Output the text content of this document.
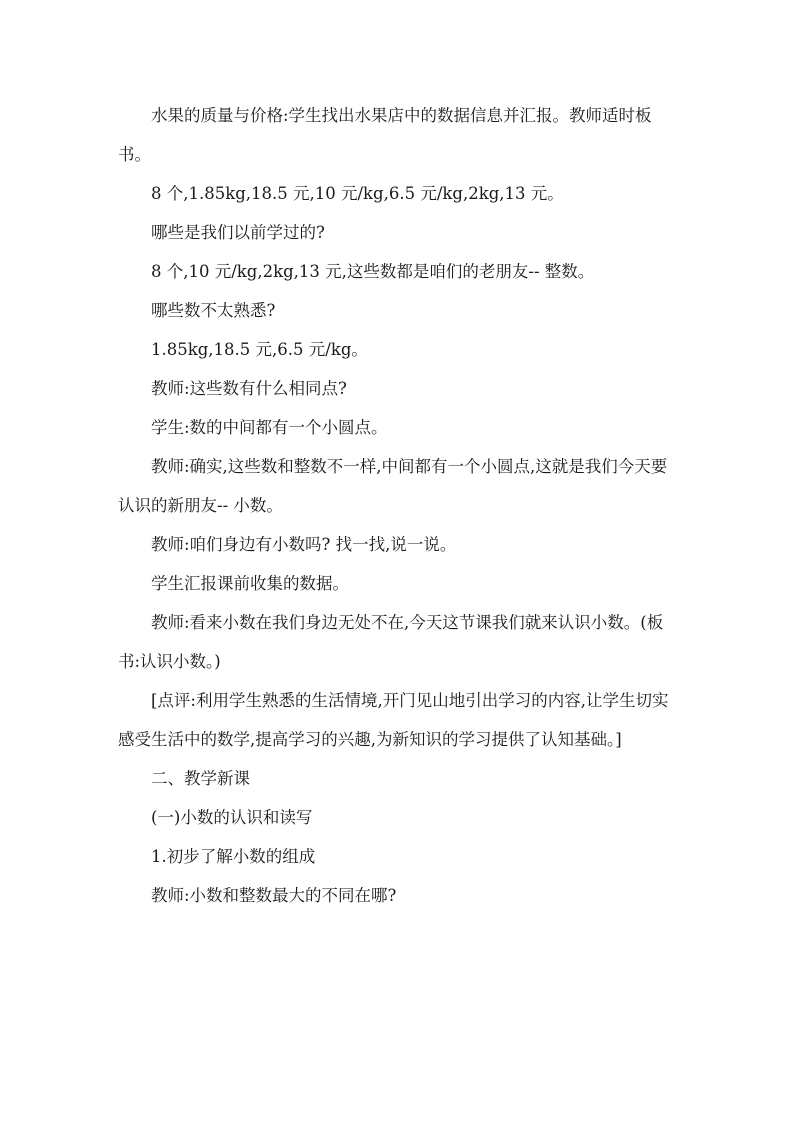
水果的质量与价格:学生找出水果店中的数据信息并汇报。教师适时板书。

8 个,1.85kg,18.5 元,10 元/kg,6.5 元/kg,2kg,13 元。

哪些是我们以前学过的?

8 个,10 元/kg,2kg,13 元,这些数都是咱们的老朋友-- 整数。

哪些数不太熟悉?

1.85kg,18.5 元,6.5 元/kg。

教师:这些数有什么相同点?

学生:数的中间都有一个小圆点。

教师:确实,这些数和整数不一样,中间都有一个小圆点,这就是我们今天要认识的新朋友-- 小数。

教师:咱们身边有小数吗? 找一找,说一说。

学生汇报课前收集的数据。

教师:看来小数在我们身边无处不在,今天这节课我们就来认识小数。(板书:认识小数。)

[点评:利用学生熟悉的生活情境,开门见山地引出学习的内容,让学生切实感受生活中的数学,提高学习的兴趣,为新知识的学习提供了认知基础。]

二、教学新课

(一)小数的认识和读写

1.初步了解小数的组成

教师:小数和整数最大的不同在哪?
